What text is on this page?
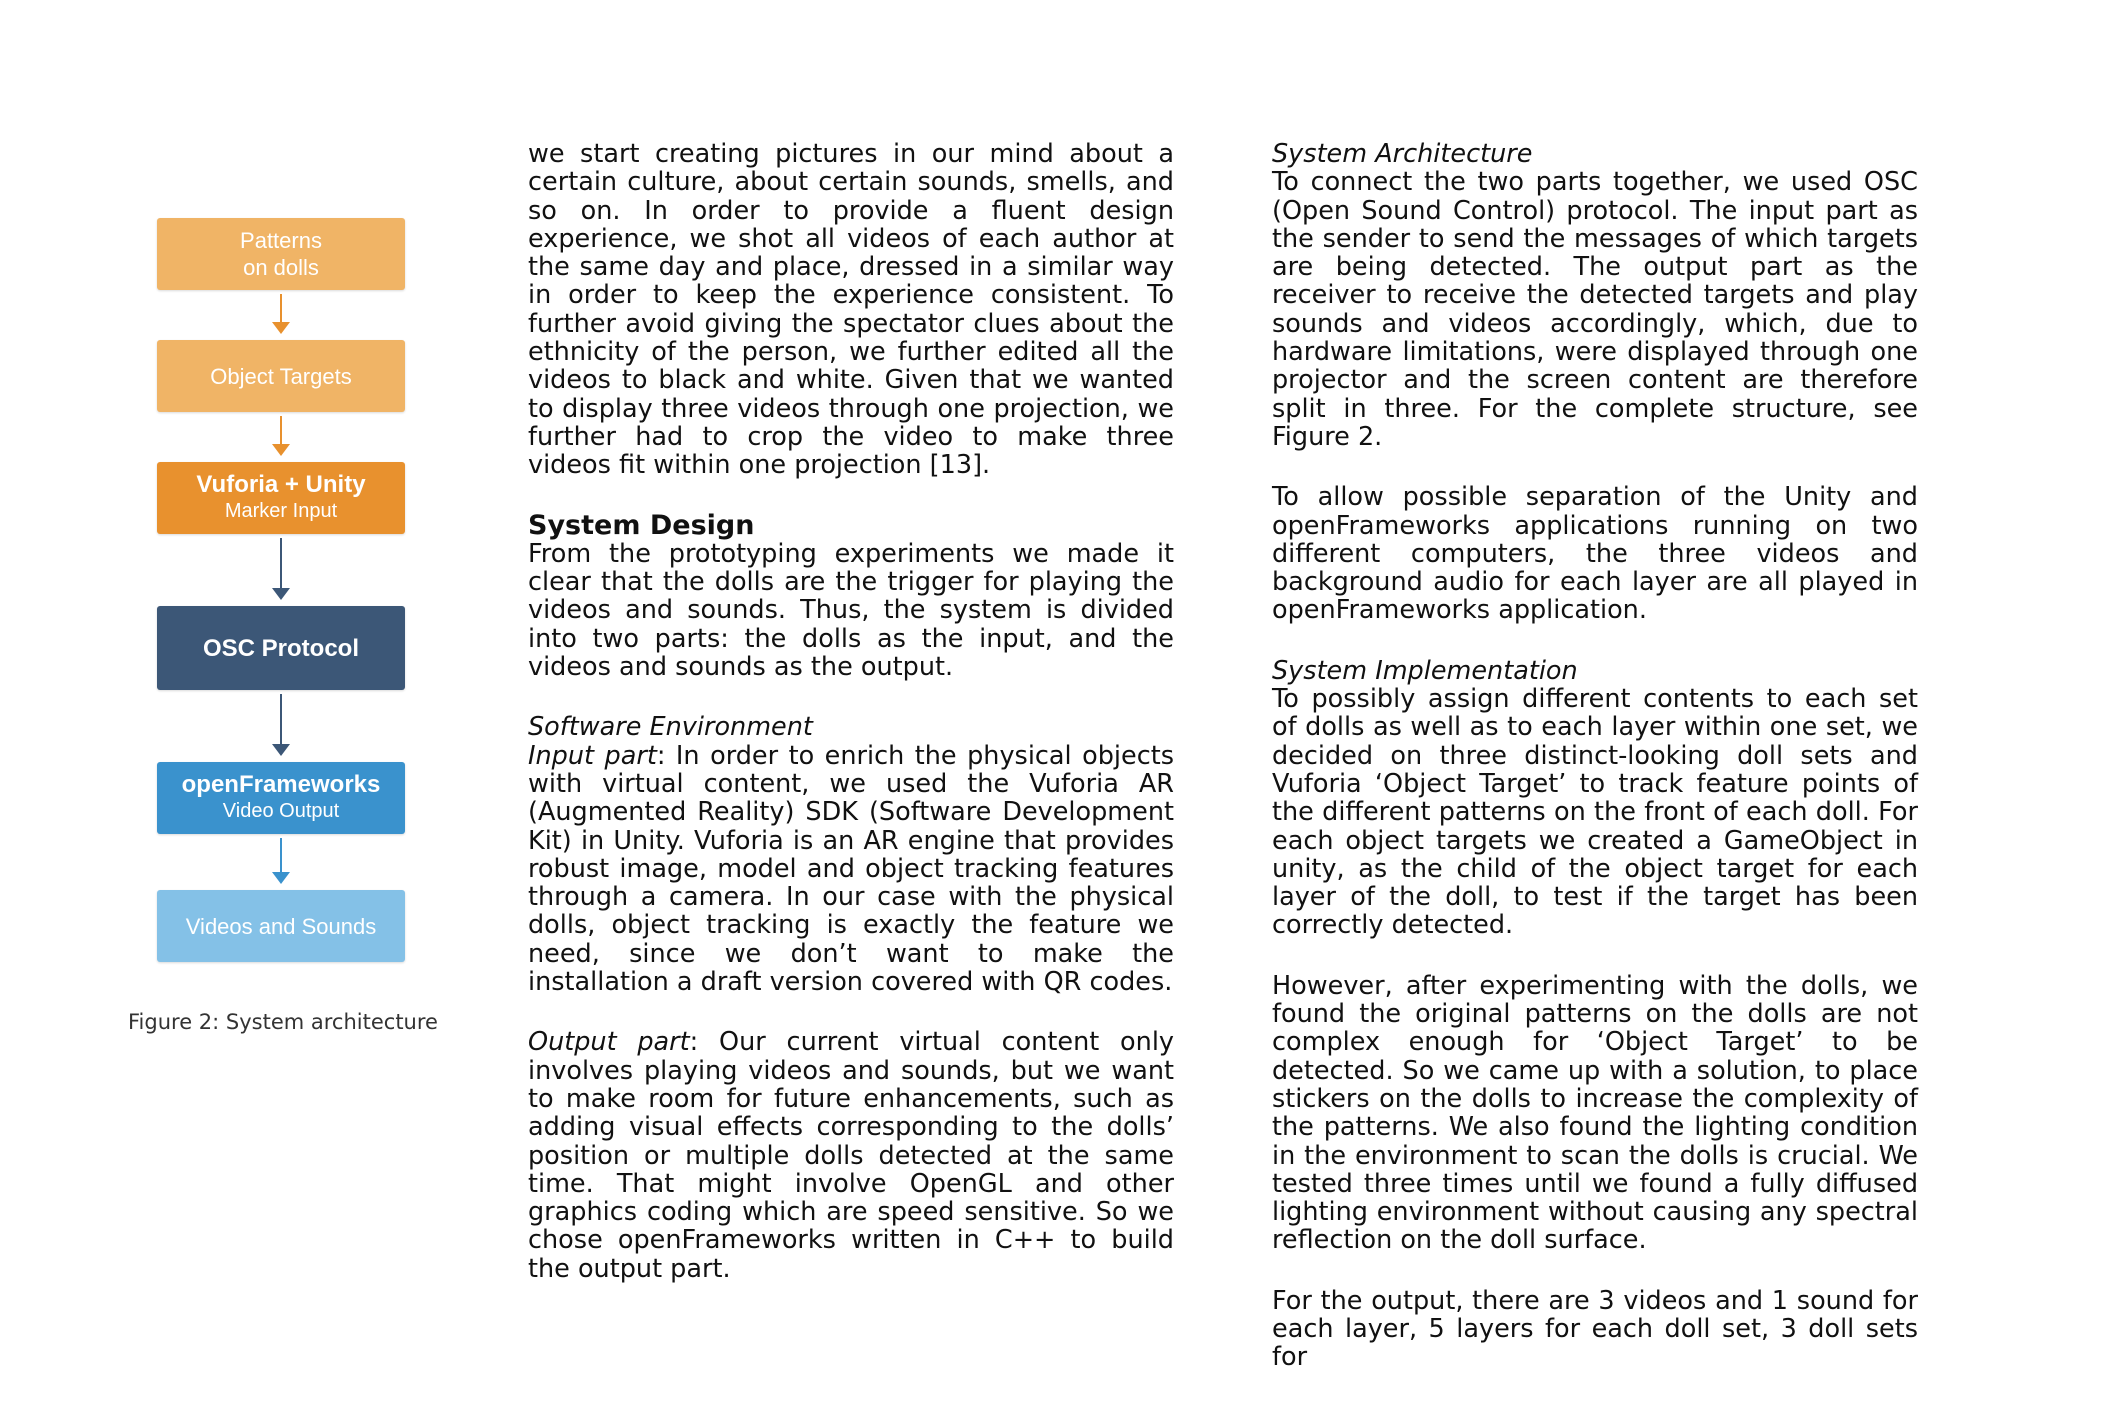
Patterns
on dolls
Object Targets
Vuforia + Unity
Marker Input
OSC Protocol
openFrameworks
Video Output
Videos and Sounds
Figure 2: System architecture

we start creating pictures in our mind about a certain culture, about certain sounds, smells, and so on. In order to provide a fluent design experience, we shot all videos of each author at the same day and place, dressed in a similar way in order to keep the experience consistent. To further avoid giving the spectator clues about the ethnicity of the person, we further edited all the videos to black and white. Given that we wanted to display three videos through one projection, we further had to crop the video to make three videos fit within one projection [13].

System Design
From the prototyping experiments we made it clear that the dolls are the trigger for playing the videos and sounds. Thus, the system is divided into two parts: the dolls as the input, and the videos and sounds as the output.

Software Environment
Input part: In order to enrich the physical objects with virtual content, we used the Vuforia AR (Augmented Reality) SDK (Software Development Kit) in Unity. Vuforia is an AR engine that provides robust image, model and object tracking features through a camera. In our case with the physical dolls, object tracking is exactly the feature we need, since we don’t want to make the installation a draft version covered with QR codes.

Output part: Our current virtual content only involves playing videos and sounds, but we want to make room for future enhancements, such as adding visual effects corresponding to the dolls’ position or multiple dolls detected at the same time. That might involve OpenGL and other graphics coding which are speed sensitive. So we chose openFrameworks written in C++ to build the output part.

System Architecture
To connect the two parts together, we used OSC (Open Sound Control) protocol. The input part as the sender to send the messages of which targets are being detected. The output part as the receiver to receive the detected targets and play sounds and videos accordingly, which, due to hardware limitations, were displayed through one projector and the screen content are therefore split in three. For the complete structure, see Figure 2.

To allow possible separation of the Unity and openFrameworks applications running on two different computers, the three videos and background audio for each layer are all played in openFrameworks application.

System Implementation
To possibly assign different contents to each set of dolls as well as to each layer within one set, we decided on three distinct-looking doll sets and Vuforia ‘Object Target’ to track feature points of the different patterns on the front of each doll. For each object targets we created a GameObject in unity, as the child of the object target for each layer of the doll, to test if the target has been correctly detected.

However, after experimenting with the dolls, we found the original patterns on the dolls are not complex enough for ‘Object Target’ to be detected. So we came up with a solution, to place stickers on the dolls to increase the complexity of the patterns. We also found the lighting condition in the environment to scan the dolls is crucial. We tested three times until we found a fully diffused lighting environment without causing any spectral reflection on the doll surface.

For the output, there are 3 videos and 1 sound for each layer, 5 layers for each doll set, 3 doll sets for
